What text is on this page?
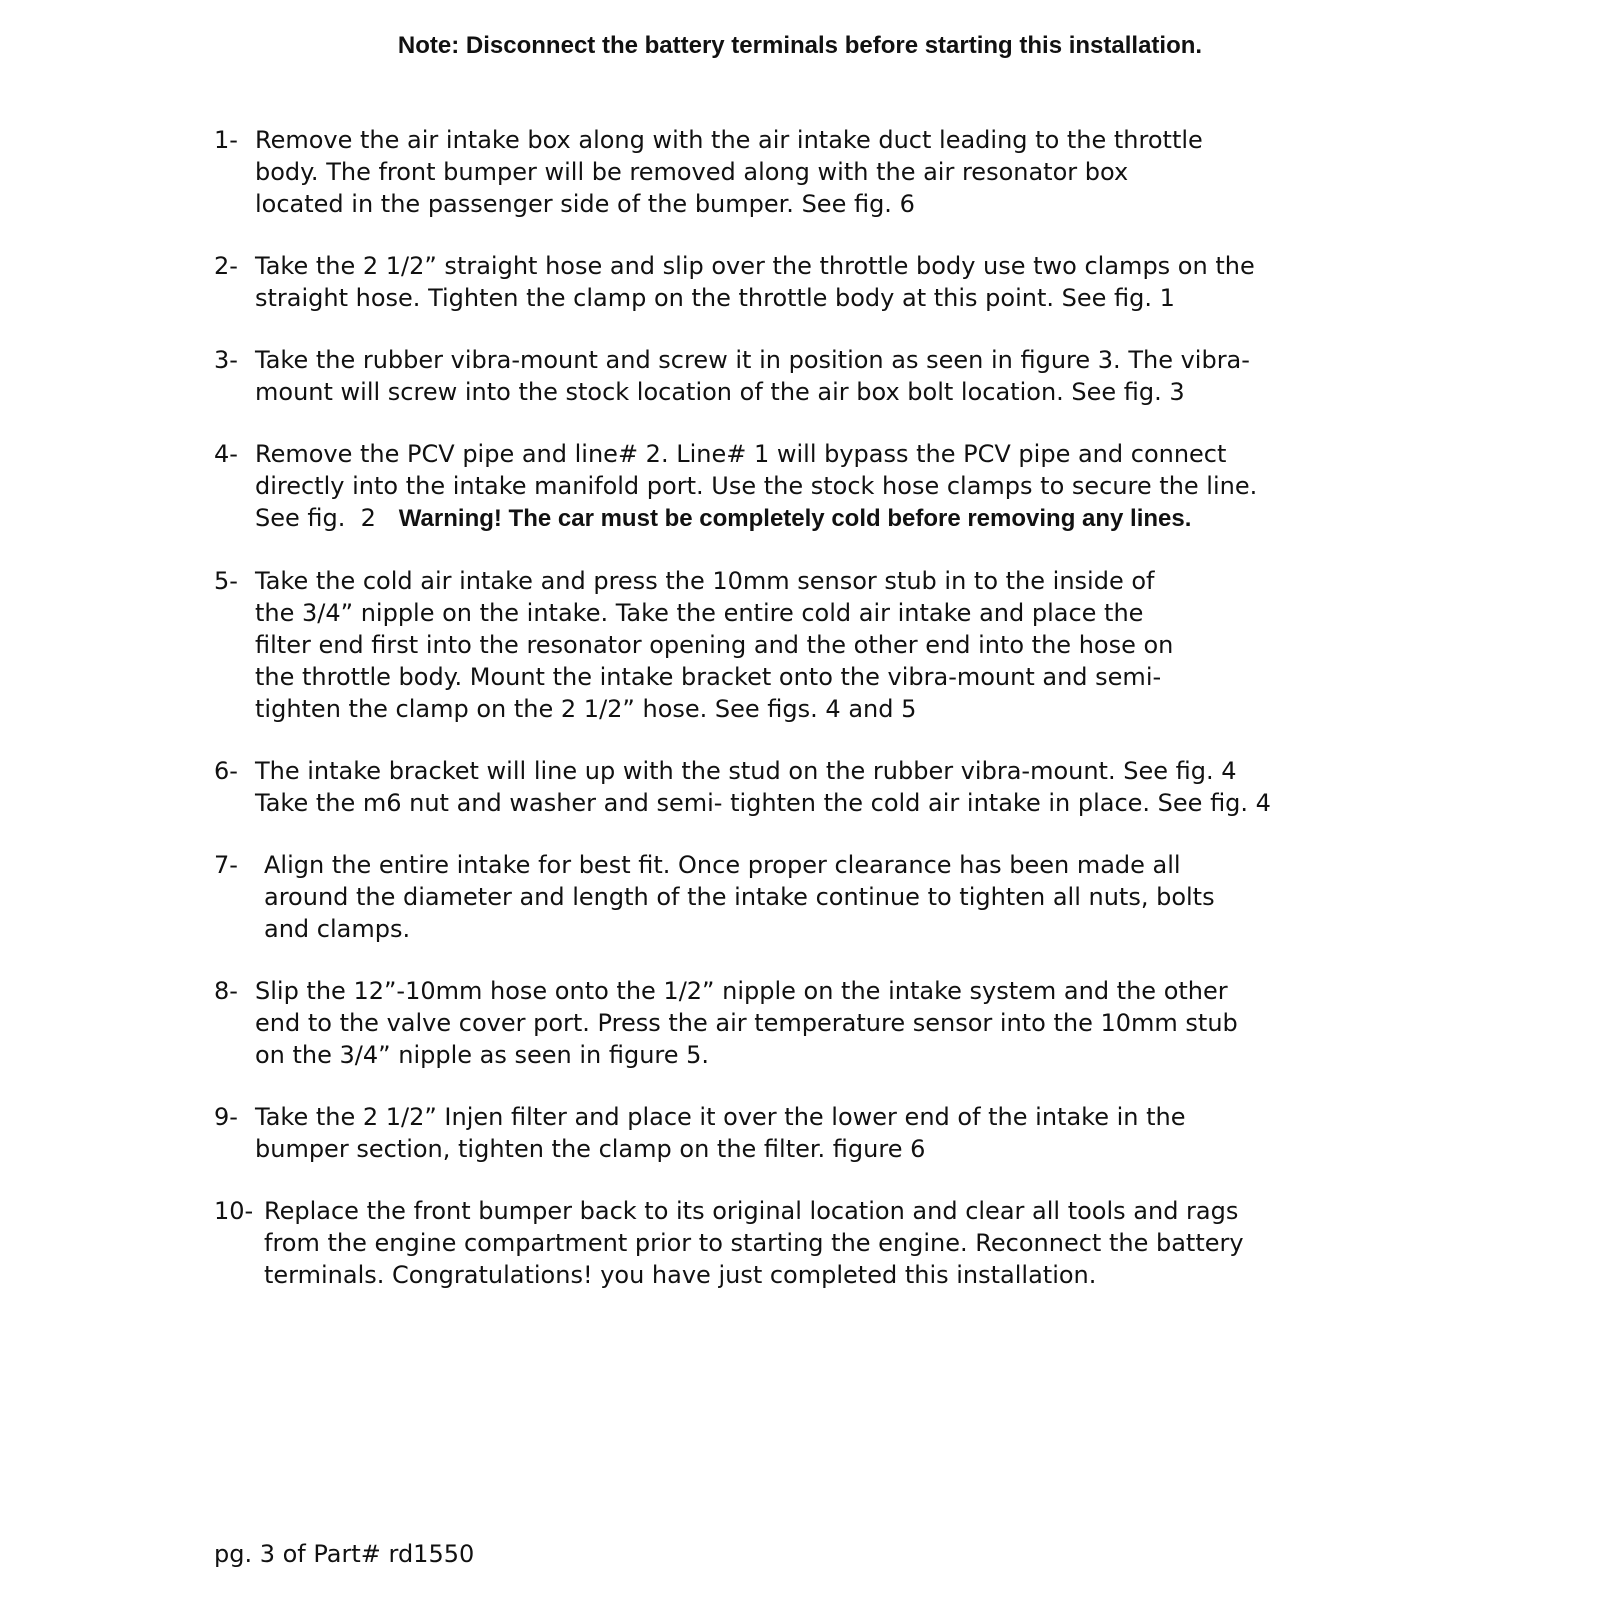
Note: Disconnect the battery terminals before starting this installation.
1- Remove the air intake box along with the air intake duct leading to the throttle
body. The front bumper will be removed along with the air resonator box
located in the passenger side of the bumper. See fig. 6
2- Take the 2 1/2” straight hose and slip over the throttle body use two clamps on the
straight hose. Tighten the clamp on the throttle body at this point. See fig. 1
3- Take the rubber vibra-mount and screw it in position as seen in figure 3. The vibra-
mount will screw into the stock location of the air box bolt location. See fig. 3
4- Remove the PCV pipe and line# 2. Line# 1 will bypass the PCV pipe and connect
directly into the intake manifold port. Use the stock hose clamps to secure the line.
See fig.  2   Warning! The car must be completely cold before removing any lines.
5- Take the cold air intake and press the 10mm sensor stub in to the inside of
the 3/4” nipple on the intake. Take the entire cold air intake and place the
filter end first into the resonator opening and the other end into the hose on
the throttle body. Mount the intake bracket onto the vibra-mount and semi-
tighten the clamp on the 2 1/2” hose. See figs. 4 and 5
6- The intake bracket will line up with the stud on the rubber vibra-mount. See fig. 4
Take the m6 nut and washer and semi- tighten the cold air intake in place. See fig. 4
7- Align the entire intake for best fit. Once proper clearance has been made all
around the diameter and length of the intake continue to tighten all nuts, bolts
and clamps.
8- Slip the 12”-10mm hose onto the 1/2” nipple on the intake system and the other
end to the valve cover port. Press the air temperature sensor into the 10mm stub
on the 3/4” nipple as seen in figure 5.
9- Take the 2 1/2” Injen filter and place it over the lower end of the intake in the
bumper section, tighten the clamp on the filter. figure 6
10- Replace the front bumper back to its original location and clear all tools and rags
from the engine compartment prior to starting the engine. Reconnect the battery
terminals. Congratulations! you have just completed this installation.
pg. 3 of Part# rd1550
